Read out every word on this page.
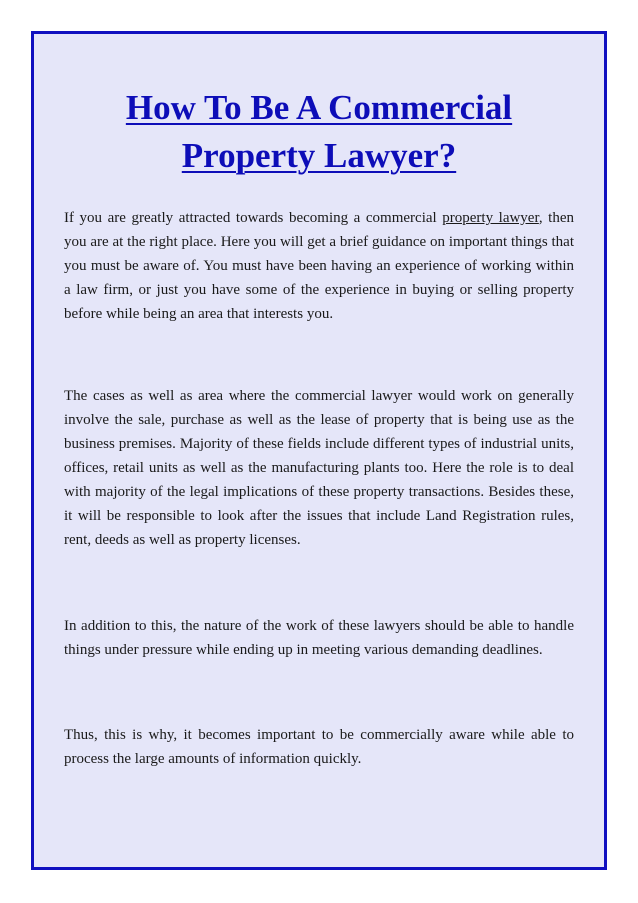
How To Be A Commercial
Property Lawyer?

If you are greatly attracted towards becoming a commercial property lawyer, then you are at the right place. Here you will get a brief guidance on important things that you must be aware of. You must have been having an experience of working within a law firm, or just you have some of the experience in buying or selling property before while being an area that interests you.

The cases as well as area where the commercial lawyer would work on generally involve the sale, purchase as well as the lease of property that is being use as the business premises. Majority of these fields include different types of industrial units, offices, retail units as well as the manufacturing plants too. Here the role is to deal with majority of the legal implications of these property transactions. Besides these, it will be responsible to look after the issues that include Land Registration rules, rent, deeds as well as property licenses.

In addition to this, the nature of the work of these lawyers should be able to handle things under pressure while ending up in meeting various demanding deadlines.

Thus, this is why, it becomes important to be commercially aware while able to process the large amounts of information quickly.
